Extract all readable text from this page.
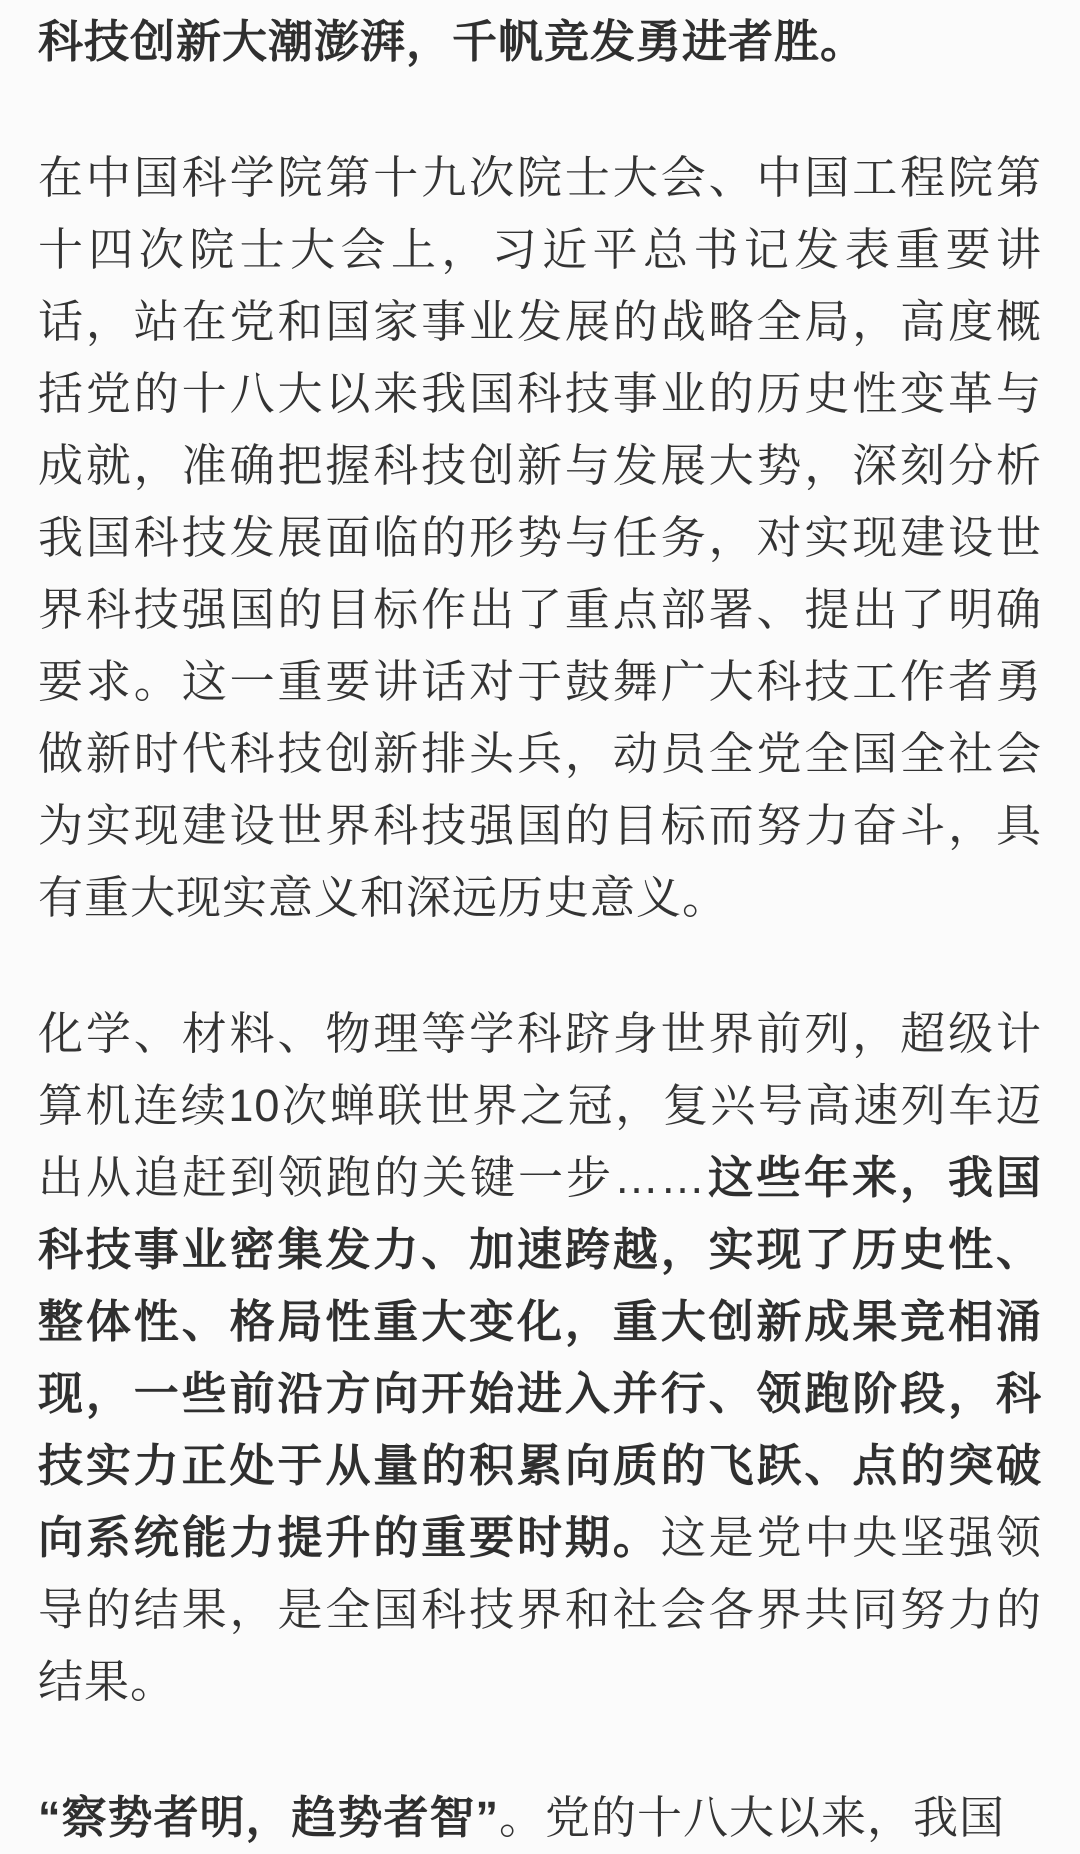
科技创新大潮澎湃，千帆竞发勇进者胜。

在中国科学院第十九次院士大会、中国工程院第十四次院士大会上，习近平总书记发表重要讲话，站在党和国家事业发展的战略全局，高度概括党的十八大以来我国科技事业的历史性变革与成就，准确把握科技创新与发展大势，深刻分析我国科技发展面临的形势与任务，对实现建设世界科技强国的目标作出了重点部署、提出了明确要求。这一重要讲话对于鼓舞广大科技工作者勇做新时代科技创新排头兵，动员全党全国全社会为实现建设世界科技强国的目标而努力奋斗，具有重大现实意义和深远历史意义。

化学、材料、物理等学科跻身世界前列，超级计算机连续10次蝉联世界之冠，复兴号高速列车迈出从追赶到领跑的关键一步……这些年来，我国科技事业密集发力、加速跨越，实现了历史性、整体性、格局性重大变化，重大创新成果竞相涌现，一些前沿方向开始进入并行、领跑阶段，科技实力正处于从量的积累向质的飞跃、点的突破向系统能力提升的重要时期。这是党中央坚强领导的结果，是全国科技界和社会各界共同努力的结果。

“察势者明，趋势者智”。党的十八大以来，我国
